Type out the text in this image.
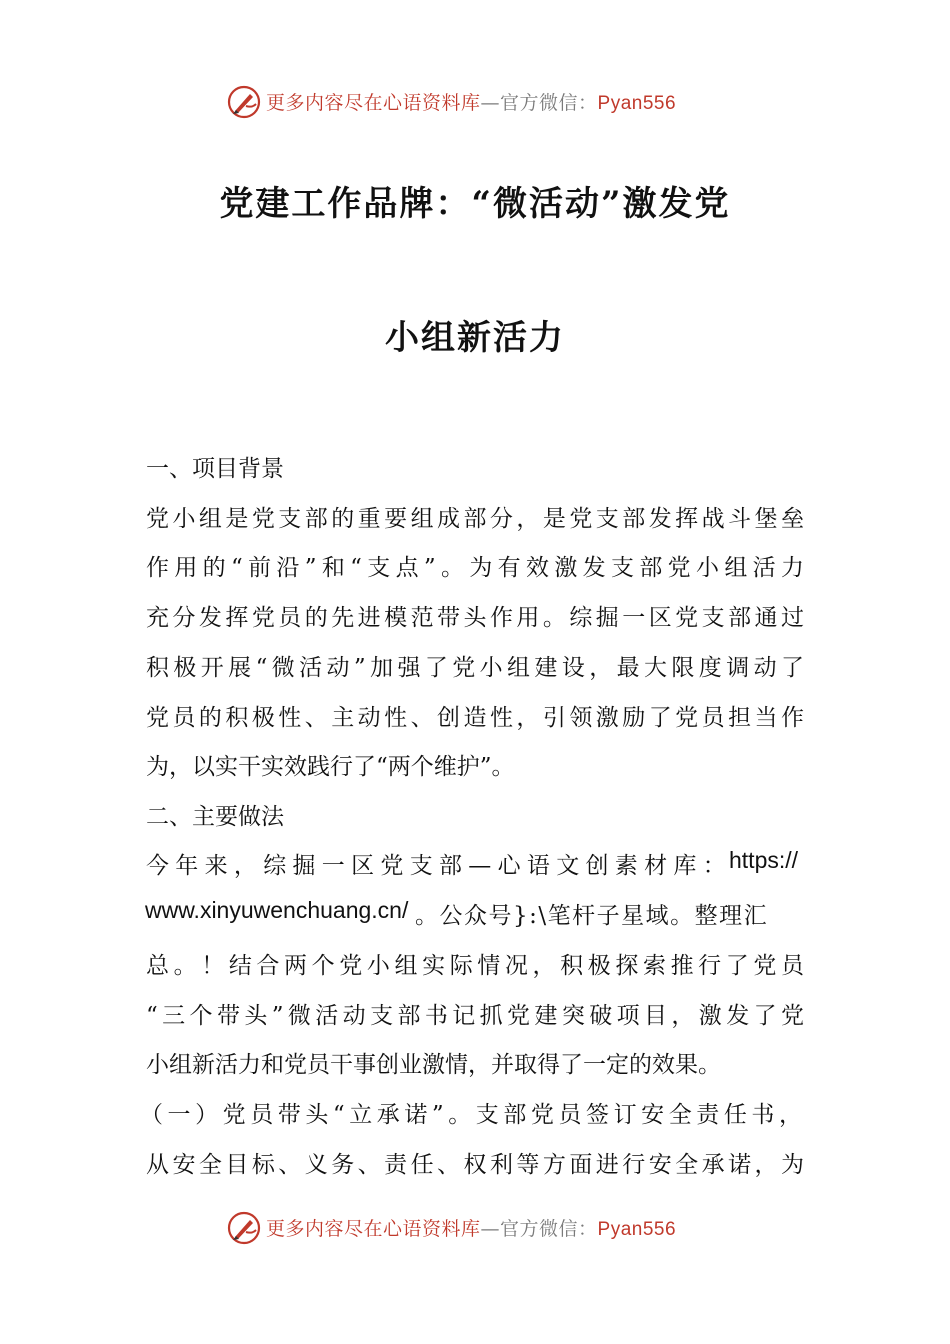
更多内容尽在心语资料库—官方微信：Pyan556
党建工作品牌：“微活动”激发党
小组新活力
一、项目背景
党小组是党支部的重要组成部分，是党支部发挥战斗堡垒
作用的“前沿”和“支点”。为有效激发支部党小组活力
充分发挥党员的先进模范带头作用。综掘一区党支部通过
积极开展“微活动”加强了党小组建设，最大限度调动了
党员的积极性、主动性、创造性，引领激励了党员担当作
为，以实干实效践行了“两个维护”。
二、主要做法
今年来，综掘一区党支部—心语文创素材库：
https://
www.xinyuwenchuang.cn/ 。公众号}:\笔杆子星域。整理汇
总。！结合两个党小组实际情况，积极探索推行了党员
“三个带头”微活动支部书记抓党建突破项目，激发了党
小组新活力和党员干事创业激情，并取得了一定的效果。
（一）党员带头“立承诺”。支部党员签订安全责任书，
从安全目标、义务、责任、权利等方面进行安全承诺，为
更多内容尽在心语资料库—官方微信：Pyan556
